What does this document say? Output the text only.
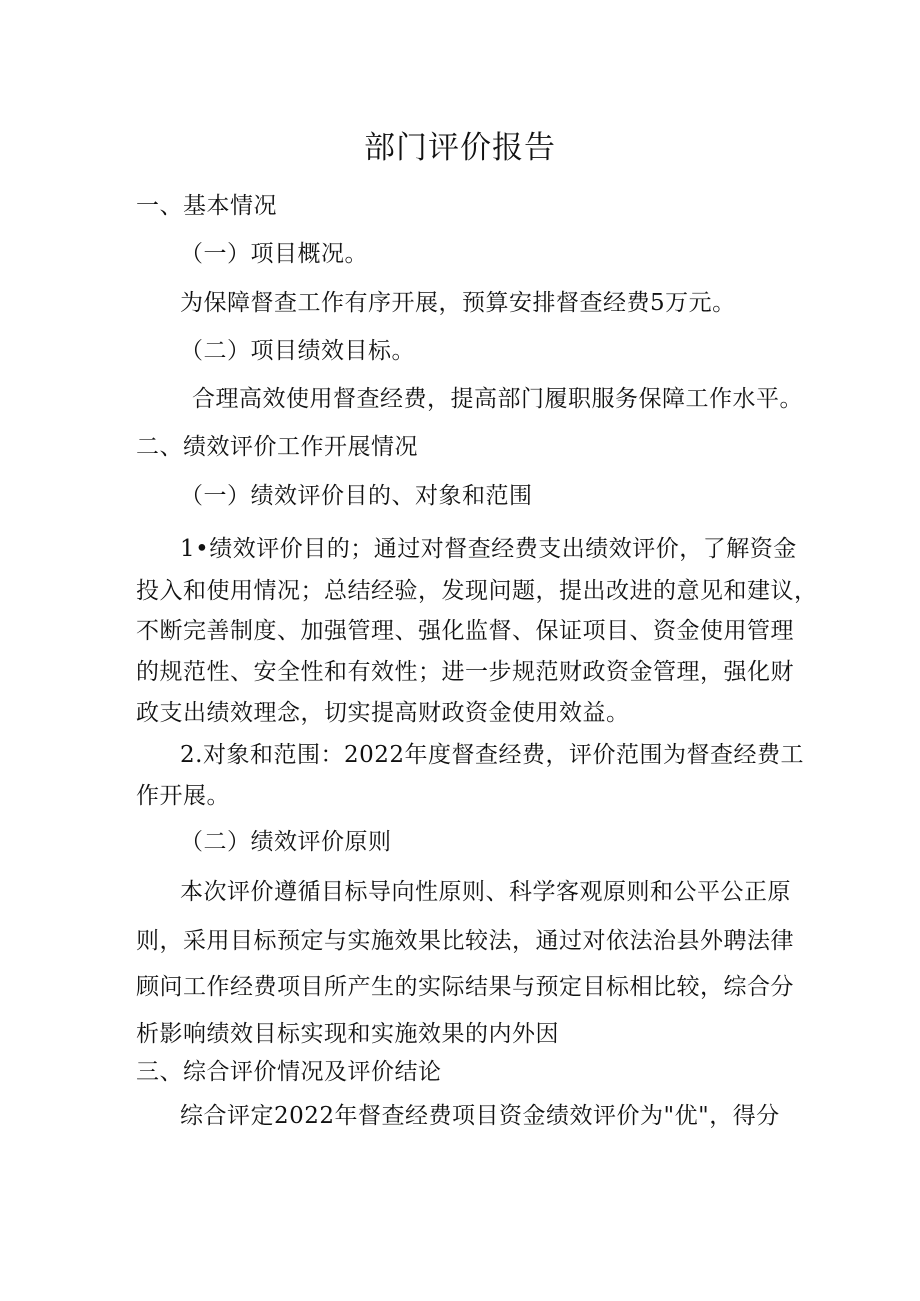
部门评价报告
一、基本情况
（一）项目概况。
为保障督查工作有序开展，预算安排督查经费5万元。
（二）项目绩效目标。
合理高效使用督查经费，提高部门履职服务保障工作水平。
二、绩效评价工作开展情况
（一）绩效评价目的、对象和范围
1•绩效评价目的；通过对督查经费支出绩效评价，了解资金
投入和使用情况；总结经验，发现问题，提出改进的意见和建议，
不断完善制度、加强管理、强化监督、保证项目、资金使用管理
的规范性、安全性和有效性；进一步规范财政资金管理，强化财
政支出绩效理念，切实提高财政资金使用效益。
2.对象和范围：2022年度督查经费，评价范围为督查经费工
作开展。
（二）绩效评价原则
本次评价遵循目标导向性原则、科学客观原则和公平公正原
则，采用目标预定与实施效果比较法，通过对依法治县外聘法律
顾问工作经费项目所产生的实际结果与预定目标相比较，综合分
析影响绩效目标实现和实施效果的内外因
三、综合评价情况及评价结论
综合评定2022年督查经费项目资金绩效评价为"优"，得分
